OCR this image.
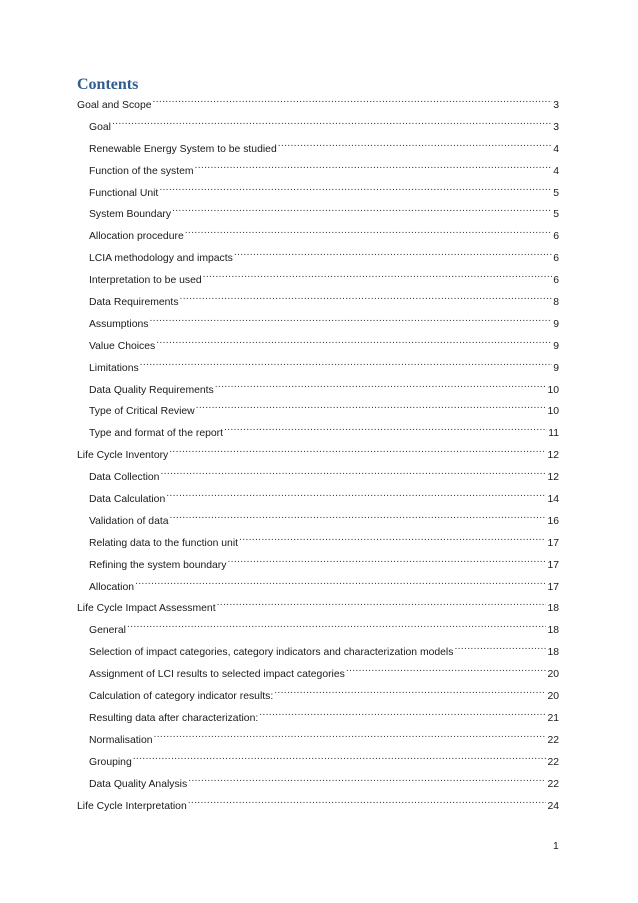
Contents
Goal and Scope .....	3
Goal .....	3
Renewable Energy System to be studied .....	4
Function of the system .....	4
Functional Unit .....	5
System Boundary .....	5
Allocation procedure .....	6
LCIA methodology and impacts .....	6
Interpretation to be used .....	6
Data Requirements .....	8
Assumptions .....	9
Value Choices .....	9
Limitations .....	9
Data Quality Requirements .....	10
Type of Critical Review .....	10
Type and format of the report .....	11
Life Cycle Inventory .....	12
Data Collection .....	12
Data Calculation .....	14
Validation of data .....	16
Relating data to the function unit .....	17
Refining the system boundary .....	17
Allocation .....	17
Life Cycle Impact Assessment .....	18
General .....	18
Selection of impact categories, category indicators and characterization models .....	18
Assignment of LCI results to selected impact categories .....	20
Calculation of category indicator results: .....	20
Resulting data after characterization: .....	21
Normalisation .....	22
Grouping .....	22
Data Quality Analysis .....	22
Life Cycle Interpretation .....	24
1
